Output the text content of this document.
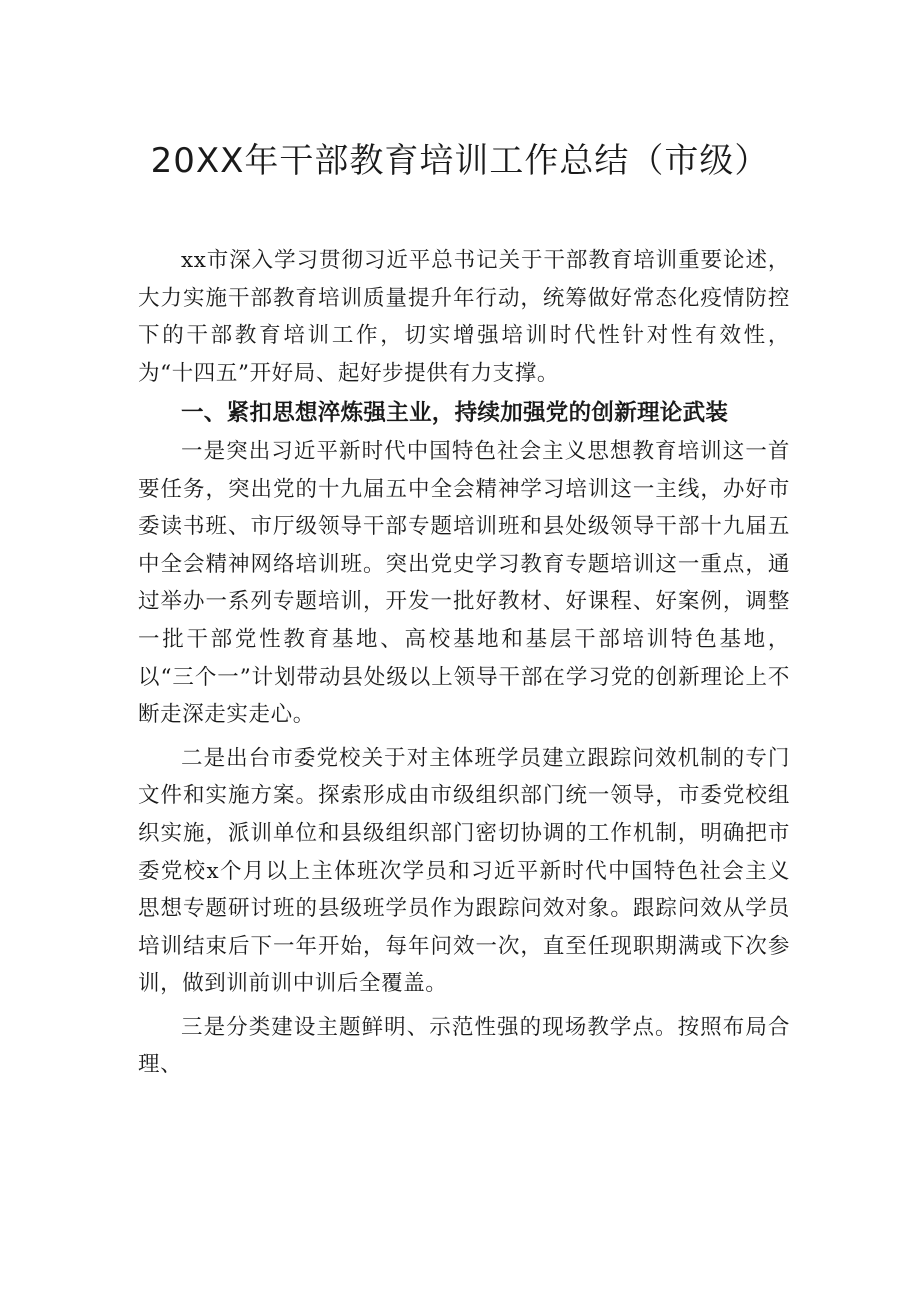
20XX年干部教育培训工作总结（市级）

xx市深入学习贯彻习近平总书记关于干部教育培训重要论述，大力实施干部教育培训质量提升年行动，统筹做好常态化疫情防控下的干部教育培训工作，切实增强培训时代性针对性有效性，为“十四五”开好局、起好步提供有力支撑。

一、紧扣思想淬炼强主业，持续加强党的创新理论武装

一是突出习近平新时代中国特色社会主义思想教育培训这一首要任务，突出党的十九届五中全会精神学习培训这一主线，办好市委读书班、市厅级领导干部专题培训班和县处级领导干部十九届五中全会精神网络培训班。突出党史学习教育专题培训这一重点，通过举办一系列专题培训，开发一批好教材、好课程、好案例，调整一批干部党性教育基地、高校基地和基层干部培训特色基地，以“三个一”计划带动县处级以上领导干部在学习党的创新理论上不断走深走实走心。

二是出台市委党校关于对主体班学员建立跟踪问效机制的专门文件和实施方案。探索形成由市级组织部门统一领导，市委党校组织实施，派训单位和县级组织部门密切协调的工作机制，明确把市委党校x个月以上主体班次学员和习近平新时代中国特色社会主义思想专题研讨班的县级班学员作为跟踪问效对象。跟踪问效从学员培训结束后下一年开始，每年问效一次，直至任现职期满或下次参训，做到训前训中训后全覆盖。

三是分类建设主题鲜明、示范性强的现场教学点。按照布局合理、
